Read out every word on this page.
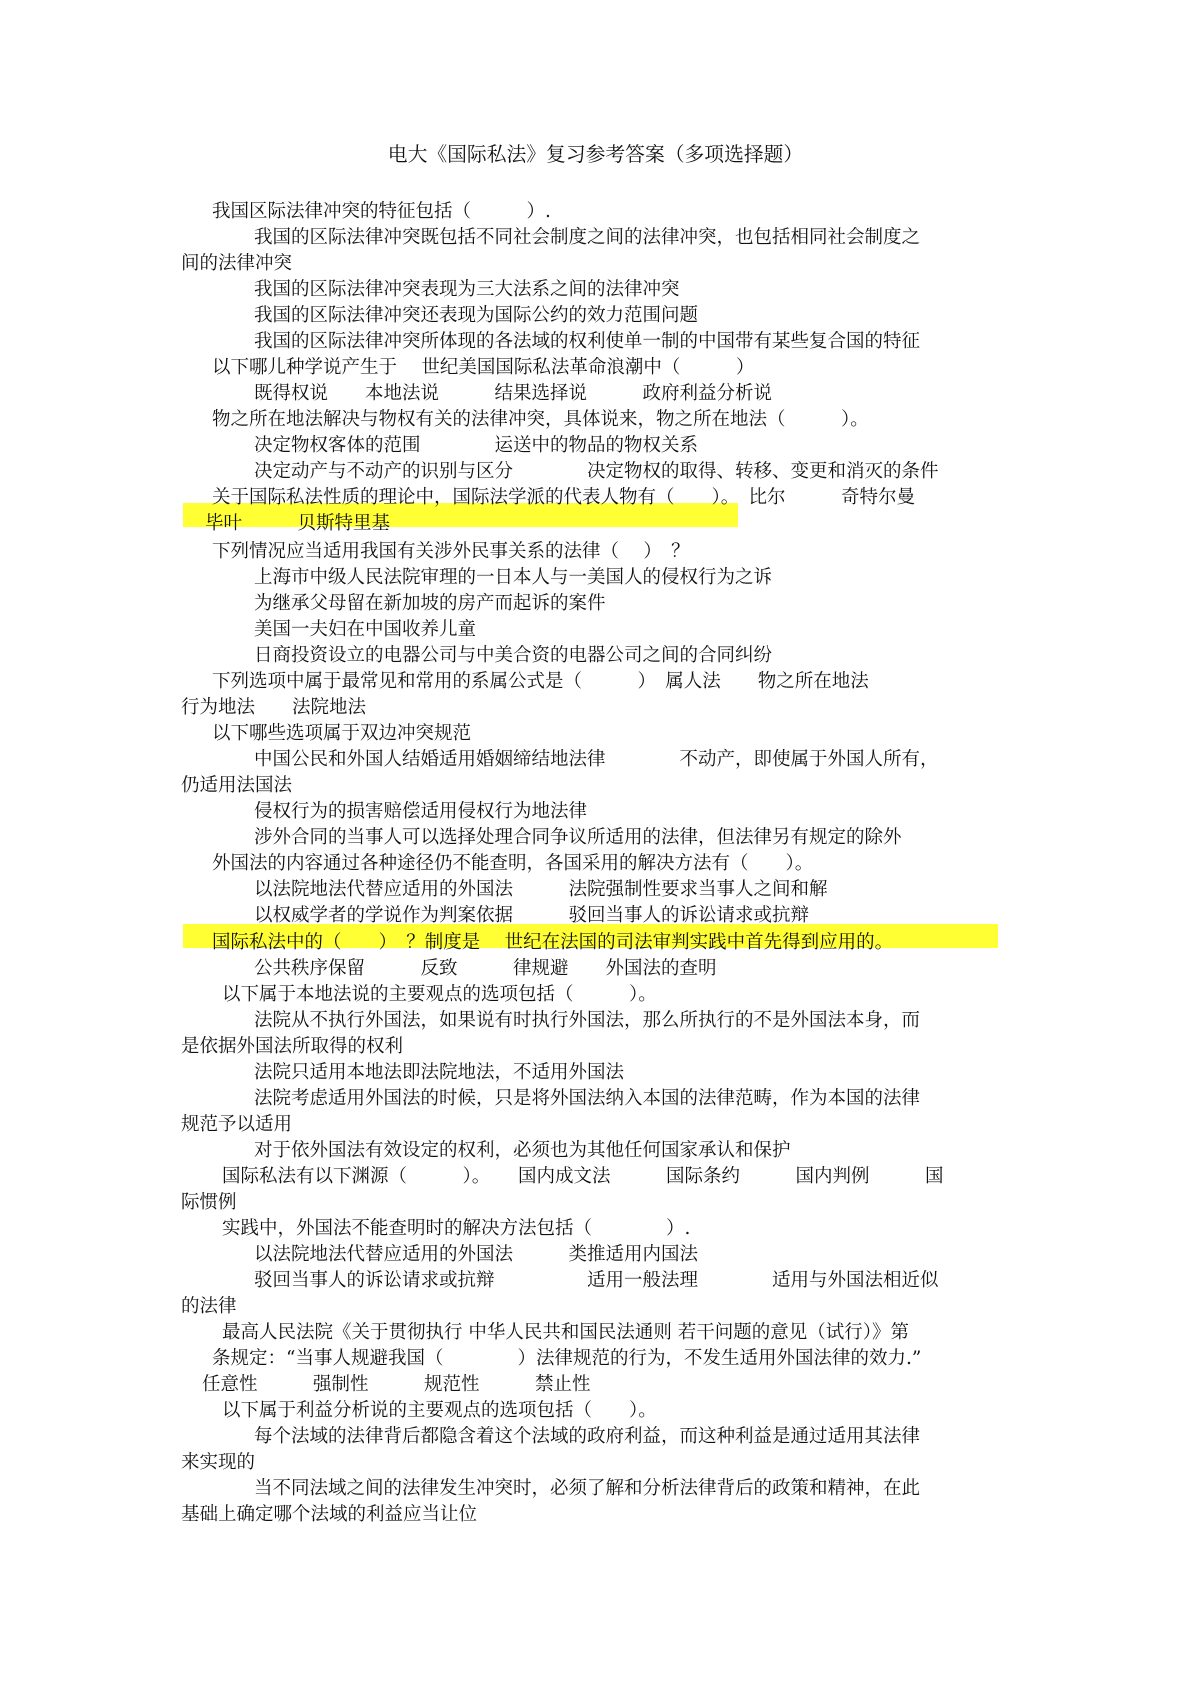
电大《国际私法》复习参考答案（多项选择题）
我国区际法律冲突的特征包括（　　　）.
我国的区际法律冲突既包括不同社会制度之间的法律冲突，也包括相同社会制度之
间的法律冲突
我国的区际法律冲突表现为三大法系之间的法律冲突
我国的区际法律冲突还表现为国际公约的效力范围问题
我国的区际法律冲突所体现的各法域的权利使单一制的中国带有某些复合国的特征
以下哪儿种学说产生于　 世纪美国国际私法革命浪潮中（　　　）
既得权说　　本地法说　　　结果选择说　　　政府利益分析说
物之所在地法解决与物权有关的法律冲突，具体说来，物之所在地法（　　　）。
决定物权客体的范围　　　　运送中的物品的物权关系
决定动产与不动产的识别与区分　　　　决定物权的取得、转移、变更和消灭的条件
关于国际私法性质的理论中，国际法学派的代表人物有（　　）。　比尔　　　奇特尔曼
毕叶　　　贝斯特里基
下列情况应当适用我国有关涉外民事关系的法律（　 ）　？
上海市中级人民法院审理的一日本人与一美国人的侵权行为之诉
为继承父母留在新加坡的房产而起诉的案件
美国一夫妇在中国收养儿童
日商投资设立的电器公司与中美合资的电器公司之间的合同纠纷
下列选项中属于最常见和常用的系属公式是（　　　）　属人法　　物之所在地法
行为地法　　法院地法
以下哪些选项属于双边冲突规范
中国公民和外国人结婚适用婚姻缔结地法律　　　　不动产，即使属于外国人所有，
仍适用法国法
侵权行为的损害赔偿适用侵权行为地法律
涉外合同的当事人可以选择处理合同争议所适用的法律，但法律另有规定的除外
外国法的内容通过各种途径仍不能查明，各国采用的解决方法有（　　）。
以法院地法代替应适用的外国法　　　法院强制性要求当事人之间和解
以权威学者的学说作为判案依据　　　驳回当事人的诉讼请求或抗辩
国际私法中的（　　）　？制度是　 世纪在法国的司法审判实践中首先得到应用的。
公共秩序保留　　　反致　　　律规避　　外国法的查明
以下属于本地法说的主要观点的选项包括（　　　）。
法院从不执行外国法，如果说有时执行外国法，那么所执行的不是外国法本身，而
是依据外国法所取得的权利
法院只适用本地法即法院地法，不适用外国法
法院考虑适用外国法的时候，只是将外国法纳入本国的法律范畴，作为本国的法律
规范予以适用
对于依外国法有效设定的权利，必须也为其他任何国家承认和保护
国际私法有以下渊源（　　　）。　　国内成文法　　　国际条约　　　国内判例　　　国
际惯例
实践中，外国法不能查明时的解决方法包括（　　　　）.
以法院地法代替应适用的外国法　　　类推适用内国法
驳回当事人的诉讼请求或抗辩　　　　　适用一般法理　　　　适用与外国法相近似
的法律
最高人民法院《关于贯彻执行 中华人民共和国民法通则 若干问题的意见（试行）》第
条规定：“当事人规避我国（　　　　）法律规范的行为，不发生适用外国法律的效力.”
任意性　　　强制性　　　规范性　　　禁止性
以下属于利益分析说的主要观点的选项包括（　　）。
每个法域的法律背后都隐含着这个法域的政府利益，而这种利益是通过适用其法律
来实现的
当不同法域之间的法律发生冲突时，必须了解和分析法律背后的政策和精神，在此
基础上确定哪个法域的利益应当让位
